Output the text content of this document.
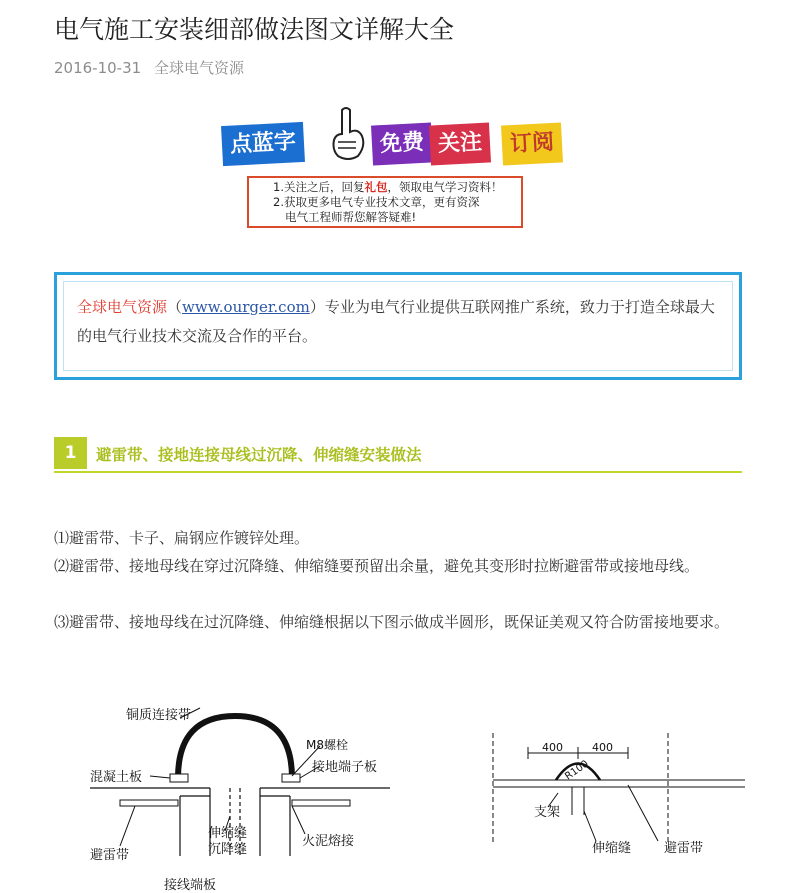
电气施工安装细部做法图文详解大全
2016-10-31 全球电气资源
点蓝字	免费 关注	订阅
1.关注之后，回复礼包，领取电气学习资料！
2.获取更多电气专业技术文章，更有资深
电气工程师帮您解答疑难!

全球电气资源（www.ourger.com）专业为电气行业提供互联网推广系统，致力于打造全球最大的电气行业技术交流及合作的平台。

1	避雷带、接地连接母线过沉降、伸缩缝安装做法

⑴避雷带、卡子、扁钢应作镀锌处理。

⑵避雷带、接地母线在穿过沉降缝、伸缩缝要预留出余量，避免其变形时拉断避雷带或接地母线。

⑶避雷带、接地母线在过沉降缝、伸缩缝根据以下图示做成半圆形，既保证美观又符合防雷接地要求。

铜质连接带
M8螺栓
接地端子板
混凝土板
伸缩缝
沉降缝
火泥熔接
避雷带
接线端板
400	400
R100
支架
伸缩缝	避雷带
